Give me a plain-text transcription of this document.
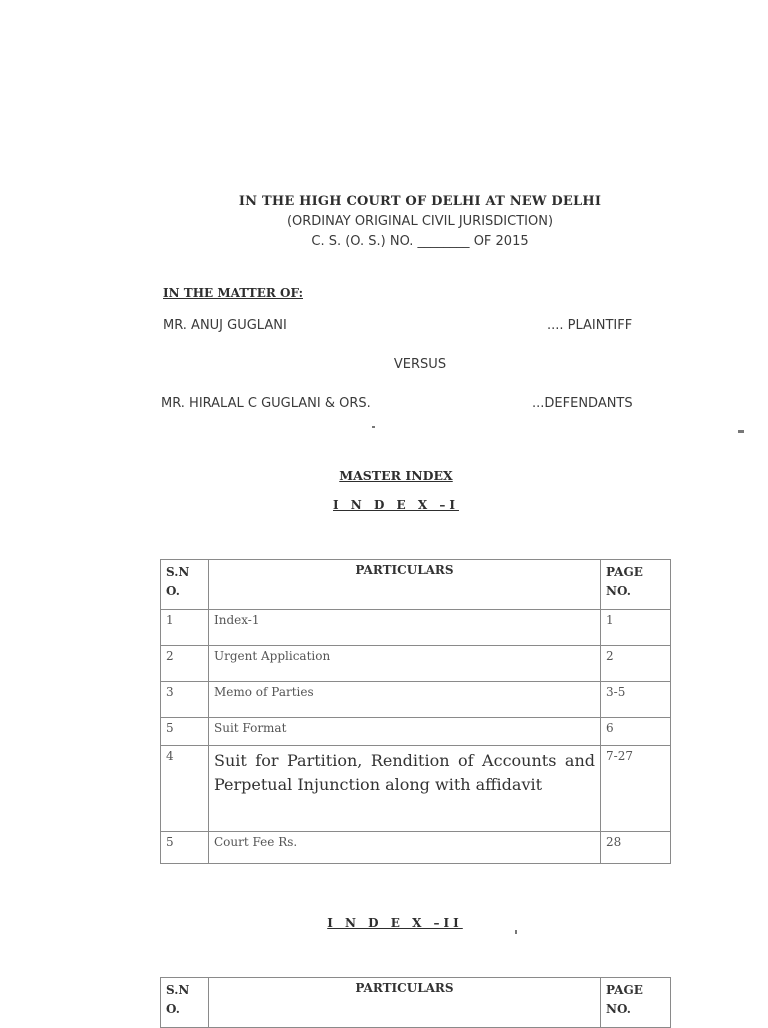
IN THE HIGH COURT OF DELHI AT NEW DELHI
(ORDINAY ORIGINAL CIVIL JURISDICTION)
C. S. (O. S.) NO. ________ OF 2015
IN THE MATTER OF:
MR. ANUJ GUGLANI	.... PLAINTIFF
VERSUS
MR. HIRALAL C GUGLANI & ORS.	...DEFENDANTS
MASTER INDEX
I N D E X –I
S.N O.	PARTICULARS	PAGE NO.
1	Index-1	1
2	Urgent Application	2
3	Memo of Parties	3-5
5	Suit Format	6
4	Suit for Partition, Rendition of Accounts and Perpetual Injunction along with affidavit	7-27
5	Court Fee Rs.	28
I N D E X –II
S.N O.	PARTICULARS	PAGE NO.
